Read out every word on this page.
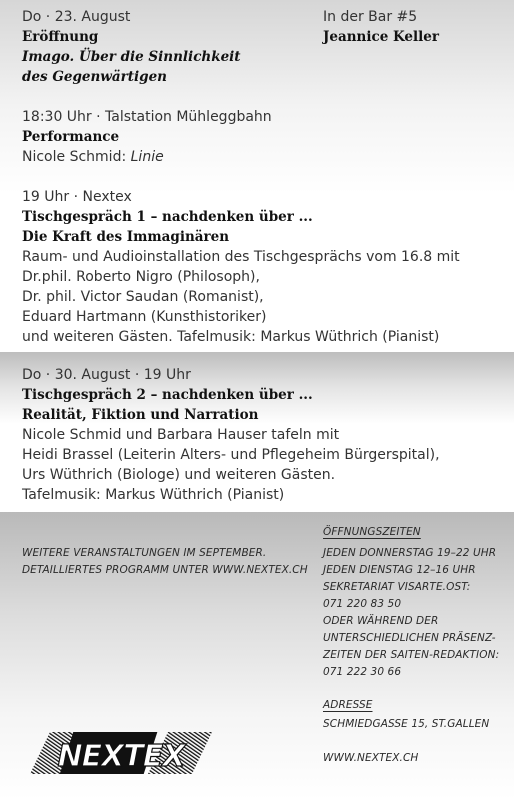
Do · 23. August
Eröffnung
Imago. Über die Sinnlichkeit
des Gegenwärtigen
In der Bar #5
Jeannice Keller
18:30 Uhr · Talstation Mühleggbahn
Performance
Nicole Schmid: Linie
19 Uhr · Nextex
Tischgespräch 1 – nachdenken über ...
Die Kraft des Immaginären
Raum- und Audioinstallation des Tischgesprächs vom 16.8 mit
Dr.phil. Roberto Nigro (Philosoph),
Dr. phil. Victor Saudan (Romanist),
Eduard Hartmann (Kunsthistoriker)
und weiteren Gästen. Tafelmusik: Markus Wüthrich (Pianist)
Do · 30. August · 19 Uhr
Tischgespräch 2 – nachdenken über ...
Realität, Fiktion und Narration
Nicole Schmid und Barbara Hauser tafeln mit
Heidi Brassel (Leiterin Alters- und Pflegeheim Bürgerspital),
Urs Wüthrich (Biologe) und weiteren Gästen.
Tafelmusik: Markus Wüthrich (Pianist)
WEITERE VERANSTALTUNGEN IM SEPTEMBER.
DETAILLIERTES PROGRAMM UNTER WWW.NEXTEX.CH
ÖFFNUNGSZEITEN
JEDEN DONNERSTAG 19–22 UHR
JEDEN DIENSTAG 12–16 UHR
SEKRETARIAT VISARTE.OST:
071 220 83 50
ODER WÄHREND DER
UNTERSCHIEDLICHEN PRÄSENZ-
ZEITEN DER SAITEN-REDAKTION:
071 222 30 66
ADRESSE
SCHMIEDGASSE 15, ST.GALLEN
WWW.NEXTEX.CH
NEXTEX
